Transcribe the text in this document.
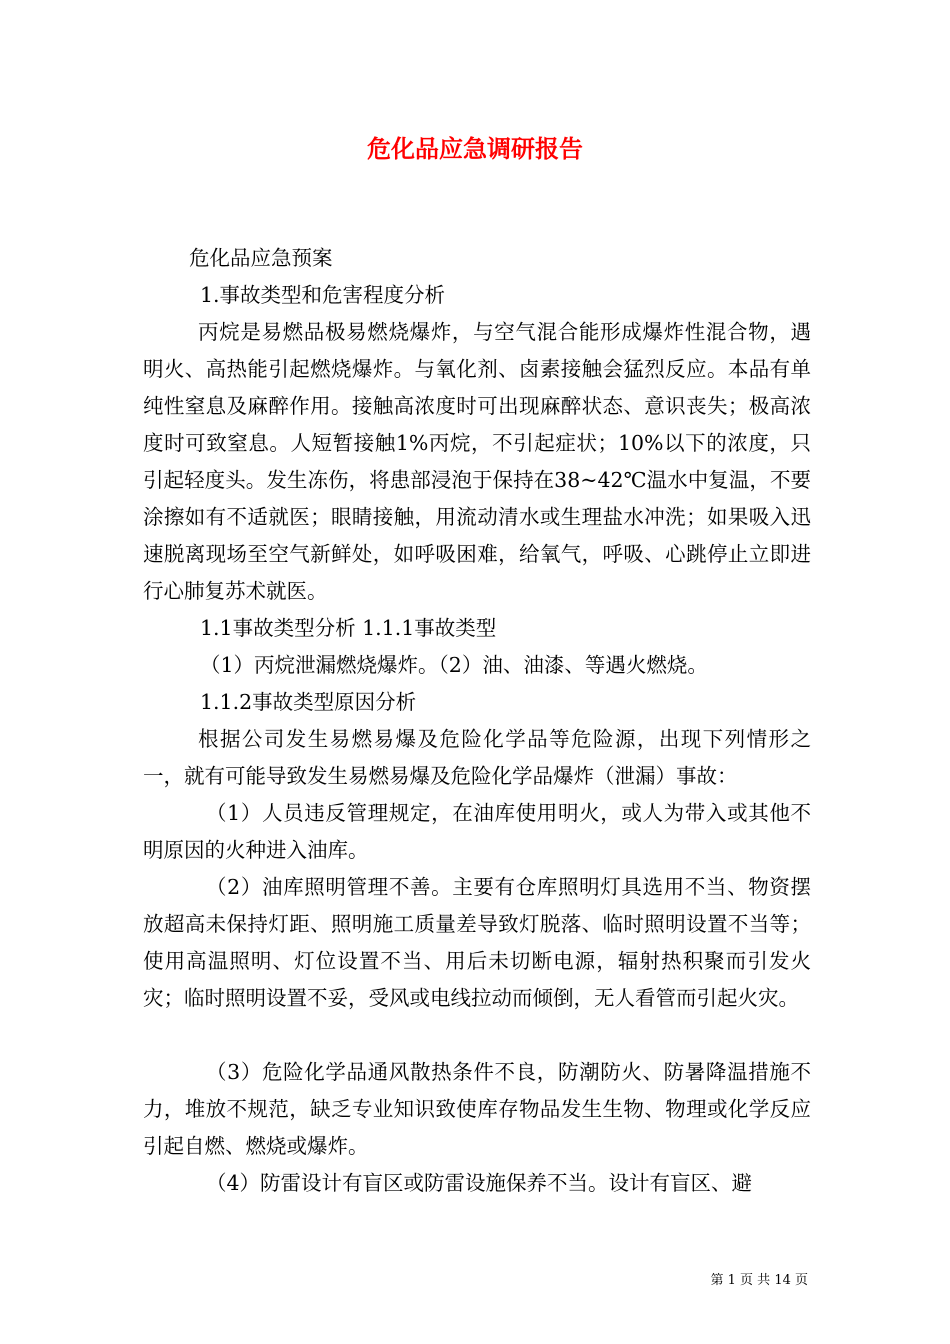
危化品应急调研报告

危化品应急预案

1.事故类型和危害程度分析

丙烷是易燃品极易燃烧爆炸，与空气混合能形成爆炸性混合物，遇明火、高热能引起燃烧爆炸。与氧化剂、卤素接触会猛烈反应。本品有单纯性窒息及麻醉作用。接触高浓度时可出现麻醉状态、意识丧失；极高浓度时可致窒息。人短暂接触1%丙烷，不引起症状；10%以下的浓度，只引起轻度头。发生冻伤，将患部浸泡于保持在38~42℃温水中复温，不要涂擦如有不适就医；眼睛接触，用流动清水或生理盐水冲洗；如果吸入迅速脱离现场至空气新鲜处，如呼吸困难，给氧气，呼吸、心跳停止立即进行心肺复苏术就医。

1.1事故类型分析 1.1.1事故类型

（1）丙烷泄漏燃烧爆炸。（2）油、油漆、等遇火燃烧。

1.1.2事故类型原因分析

根据公司发生易燃易爆及危险化学品等危险源，出现下列情形之一，就有可能导致发生易燃易爆及危险化学品爆炸（泄漏）事故：

（1）人员违反管理规定，在油库使用明火，或人为带入或其他不明原因的火种进入油库。

（2）油库照明管理不善。主要有仓库照明灯具选用不当、物资摆放超高未保持灯距、照明施工质量差导致灯脱落、临时照明设置不当等；使用高温照明、灯位设置不当、用后未切断电源，辐射热积聚而引发火灾；临时照明设置不妥，受风或电线拉动而倾倒，无人看管而引起火灾。

（3）危险化学品通风散热条件不良，防潮防火、防暑降温措施不力，堆放不规范，缺乏专业知识致使库存物品发生生物、物理或化学反应引起自燃、燃烧或爆炸。

（4）防雷设计有盲区或防雷设施保养不当。设计有盲区、避

第 1 页 共 14 页
